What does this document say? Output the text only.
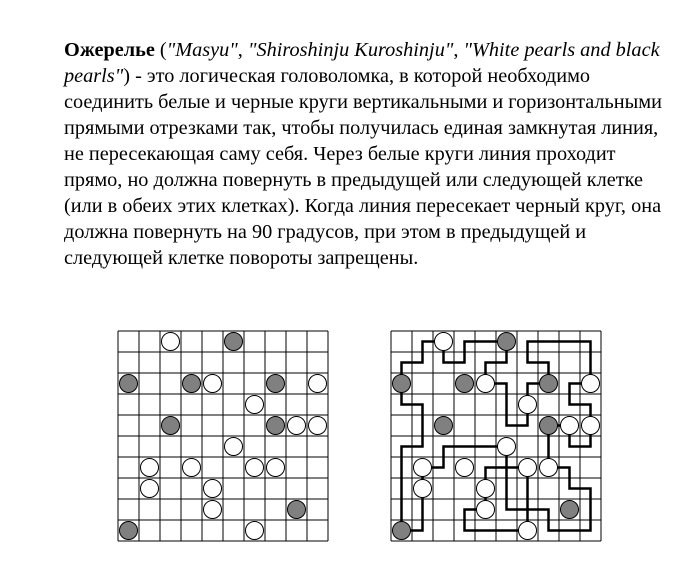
Ожерелье ("Masyu", "Shiroshinju Kuroshinju", "White pearls and black pearls") - это логическая головоломка, в которой необходимо соединить белые и черные круги вертикальными и горизонтальными прямыми отрезками так, чтобы получилась единая замкнутая линия, не пересекающая саму себя. Через белые круги линия проходит прямо, но должна повернуть в предыдущей или следующей клетке (или в обеих этих клетках). Когда линия пересекает черный круг, она должна повернуть на 90 градусов, при этом в предыдущей и следующей клетке повороты запрещены.
